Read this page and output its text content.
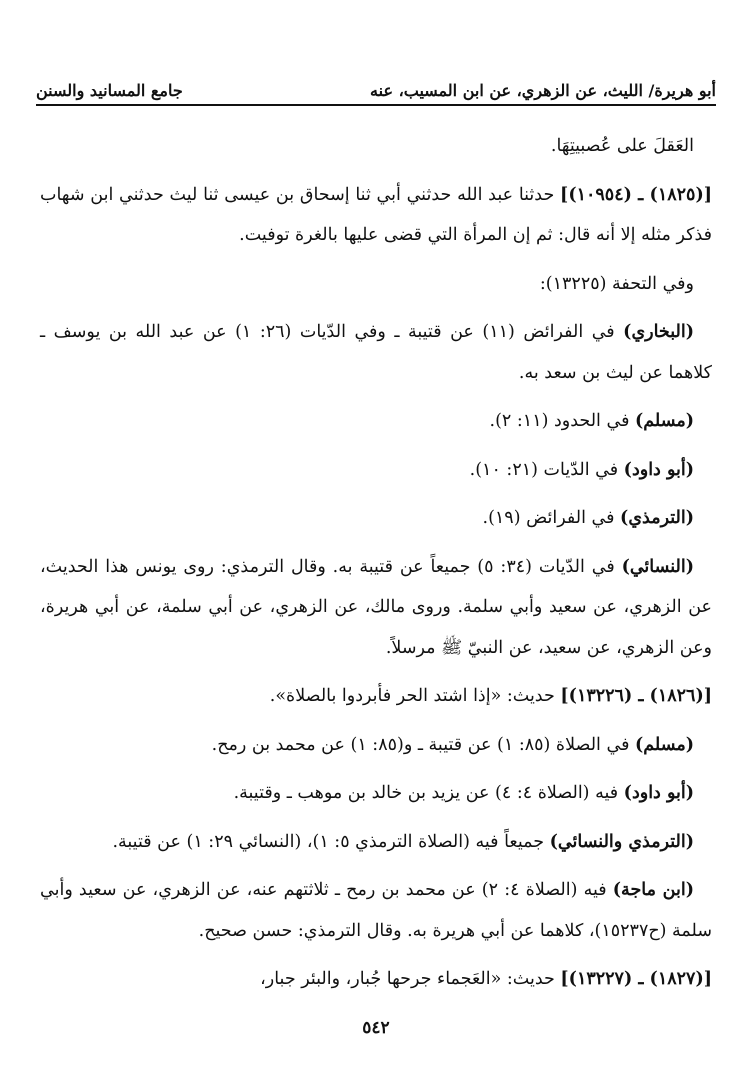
أبو هريرة/ الليث، عن الزهري، عن ابن المسيب، عنه
جامع المسانيد والسنن

العَقلَ على عُصبيتِهَا.

[(١٨٢٥) ـ (١٠٩٥٤)] حدثنا عبد الله حدثني أبي ثنا إسحاق بن عيسى ثنا ليث حدثني ابن شهاب فذكر مثله إلا أنه قال: ثم إن المرأة التي قضى عليها بالغرة توفيت.

وفي التحفة (١٣٢٢٥):

(البخاري) في الفرائض (١١) عن قتيبة ـ وفي الدّيات (٢٦: ١) عن عبد الله بن يوسف ـ كلاهما عن ليث بن سعد به.

(مسلم) في الحدود (١١: ٢).

(أبو داود) في الدّيات (٢١: ١٠).

(الترمذي) في الفرائض (١٩).

(النسائي) في الدّيات (٣٤: ٥) جميعاً عن قتيبة به. وقال الترمذي: روى يونس هذا الحديث، عن الزهري، عن سعيد وأبي سلمة. وروى مالك، عن الزهري، عن أبي سلمة، عن أبي هريرة، وعن الزهري، عن سعيد، عن النبيّ ﷺ مرسلاً.

[(١٨٢٦) ـ (١٣٢٢٦)] حديث: «إذا اشتد الحر فأبردوا بالصلاة».

(مسلم) في الصلاة (٨٥: ١) عن قتيبة ـ و(٨٥: ١) عن محمد بن رمح.

(أبو داود) فيه (الصلاة ٤: ٤) عن يزيد بن خالد بن موهب ـ وقتيبة.

(الترمذي والنسائي) جميعاً فيه (الصلاة الترمذي ٥: ١)، (النسائي ٢٩: ١) عن قتيبة.

(ابن ماجة) فيه (الصلاة ٤: ٢) عن محمد بن رمح ـ ثلاثتهم عنه، عن الزهري، عن سعيد وأبي سلمة (ح١٥٢٣٧)، كلاهما عن أبي هريرة به. وقال الترمذي: حسن صحيح.

[(١٨٢٧) ـ (١٣٢٢٧)] حديث: «العَجماء جرحها جُبار، والبئر جبار،

٥٤٢
